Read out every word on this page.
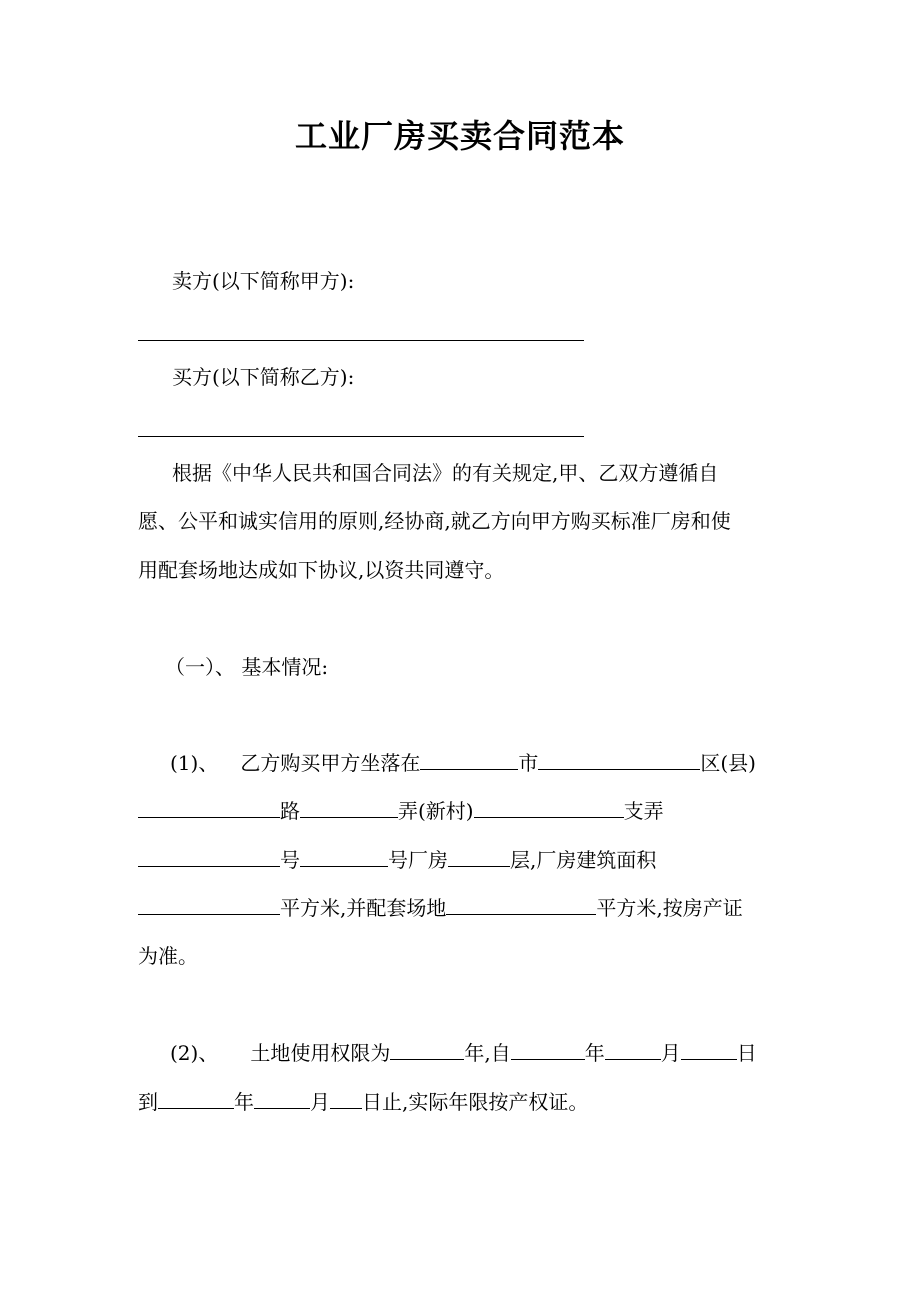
工业厂房买卖合同范本
卖方(以下简称甲方):
买方(以下简称乙方):
根据《中华人民共和国合同法》的有关规定,甲、乙双方遵循自
愿、公平和诚实信用的原则,经协商,就乙方向甲方购买标准厂房和使
用配套场地达成如下协议,以资共同遵守。
（一）、 基本情况:
(1)、 乙方购买甲方坐落在	市	区(县)
路	弄(新村)	支弄
号	号厂房	层,厂房建筑面积
平方米,并配套场地	平方米,按房产证
为准。
(2)、 土地使用权限为	年,自	年	月	日
到	年	月 日止,实际年限按产权证。
